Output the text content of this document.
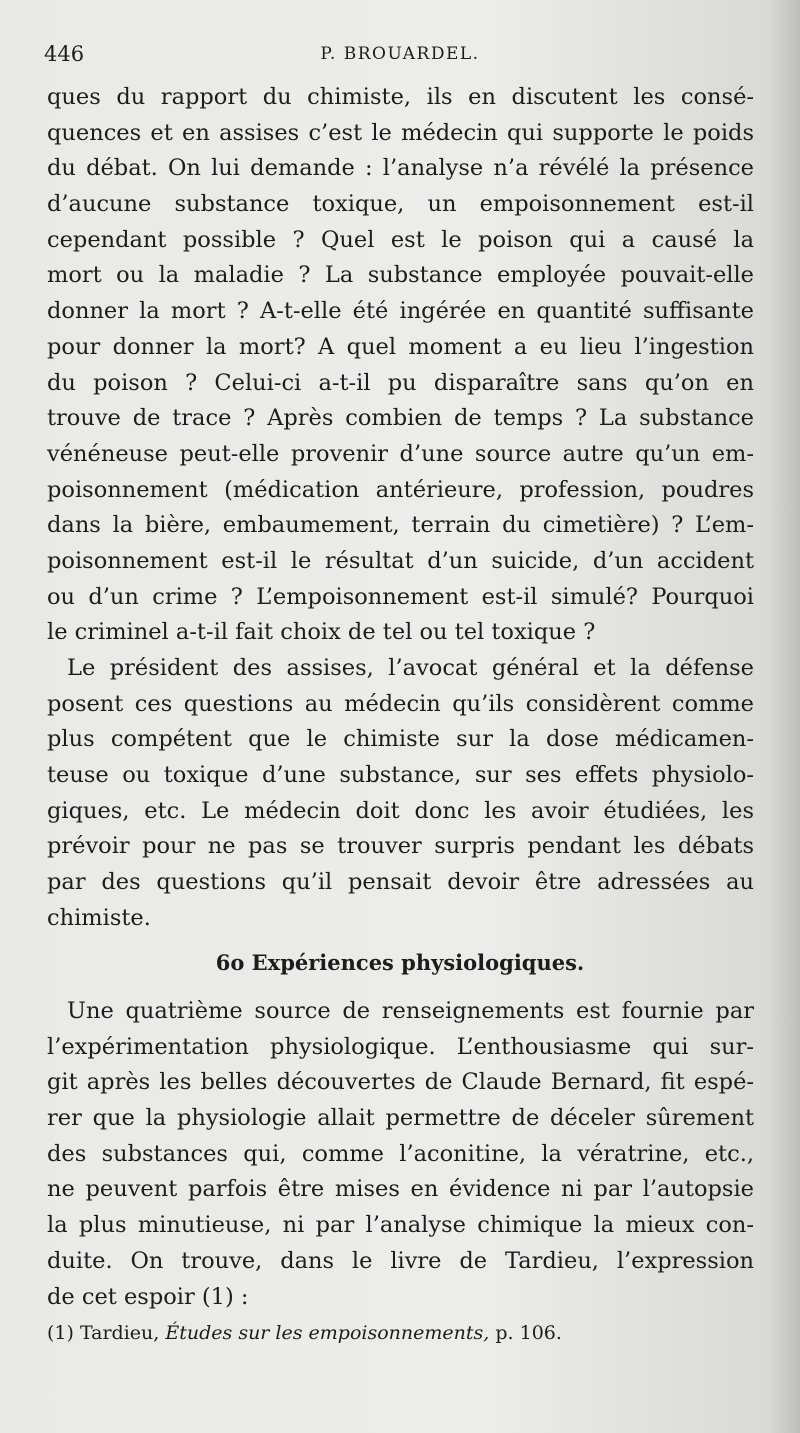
446	P. BROUARDEL.
ques du rapport du chimiste, ils en discutent les consé-
quences et en assises c’est le médecin qui supporte le poids
du débat. On lui demande : l’analyse n’a révélé la présence
d’aucune substance toxique, un empoisonnement est-il
cependant possible ? Quel est le poison qui a causé la
mort ou la maladie ? La substance employée pouvait-elle
donner la mort ? A-t-elle été ingérée en quantité suffisante
pour donner la mort? A quel moment a eu lieu l’ingestion
du poison ? Celui-ci a-t-il pu disparaître sans qu’on en
trouve de trace ? Après combien de temps ? La substance
vénéneuse peut-elle provenir d’une source autre qu’un em-
poisonnement (médication antérieure, profession, poudres
dans la bière, embaumement, terrain du cimetière) ? L’em-
poisonnement est-il le résultat d’un suicide, d’un accident
ou d’un crime ? L’empoisonnement est-il simulé? Pourquoi
le criminel a-t-il fait choix de tel ou tel toxique ?
Le président des assises, l’avocat général et la défense
posent ces questions au médecin qu’ils considèrent comme
plus compétent que le chimiste sur la dose médicamen-
teuse ou toxique d’une substance, sur ses effets physiolo-
giques, etc. Le médecin doit donc les avoir étudiées, les
prévoir pour ne pas se trouver surpris pendant les débats
par des questions qu’il pensait devoir être adressées au
chimiste.
6o Expériences physiologiques.
Une quatrième source de renseignements est fournie par
l’expérimentation physiologique. L’enthousiasme qui sur-
git après les belles découvertes de Claude Bernard, fit espé-
rer que la physiologie allait permettre de déceler sûrement
des substances qui, comme l’aconitine, la vératrine, etc.,
ne peuvent parfois être mises en évidence ni par l’autopsie
la plus minutieuse, ni par l’analyse chimique la mieux con-
duite. On trouve, dans le livre de Tardieu, l’expression
de cet espoir (1) :
(1) Tardieu, Études sur les empoisonnements, p. 106.
